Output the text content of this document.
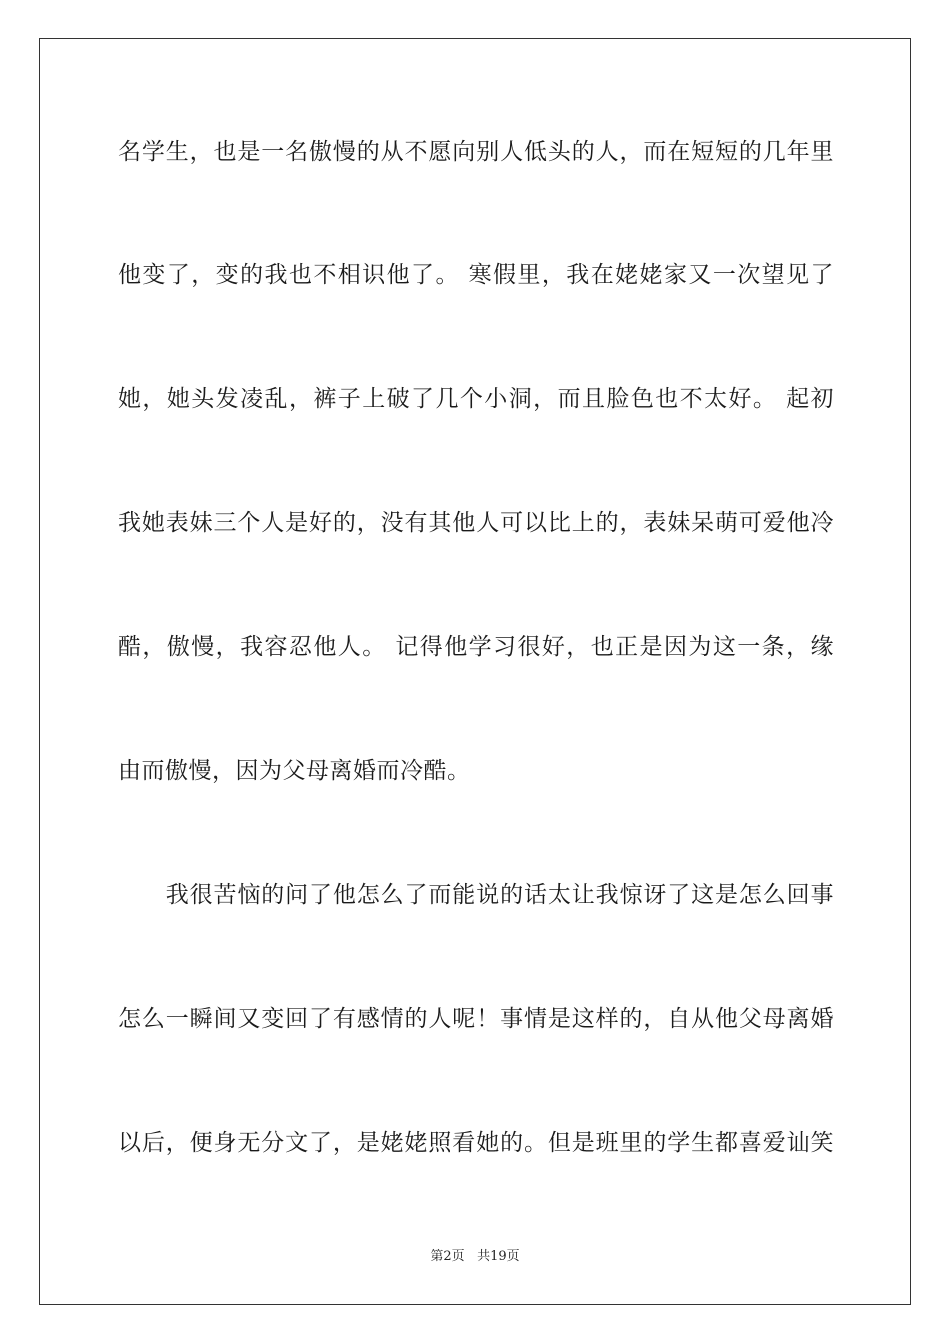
名学生，也是一名傲慢的从不愿向别人低头的人，而在短短的几年里
他变了，变的我也不相识他了。 寒假里，我在姥姥家又一次望见了
她，她头发凌乱，裤子上破了几个小洞，而且脸色也不太好。 起初
我她表妹三个人是好的，没有其他人可以比上的，表妹呆萌可爱他冷
酷，傲慢，我容忍他人。 记得他学习很好，也正是因为这一条，缘
由而傲慢，因为父母离婚而冷酷。
　　我很苦恼的问了他怎么了而能说的话太让我惊讶了这是怎么回事
怎么一瞬间又变回了有感情的人呢！事情是这样的，自从他父母离婚
以后，便身无分文了，是姥姥照看她的。但是班里的学生都喜爱讪笑
第2页 共19页
